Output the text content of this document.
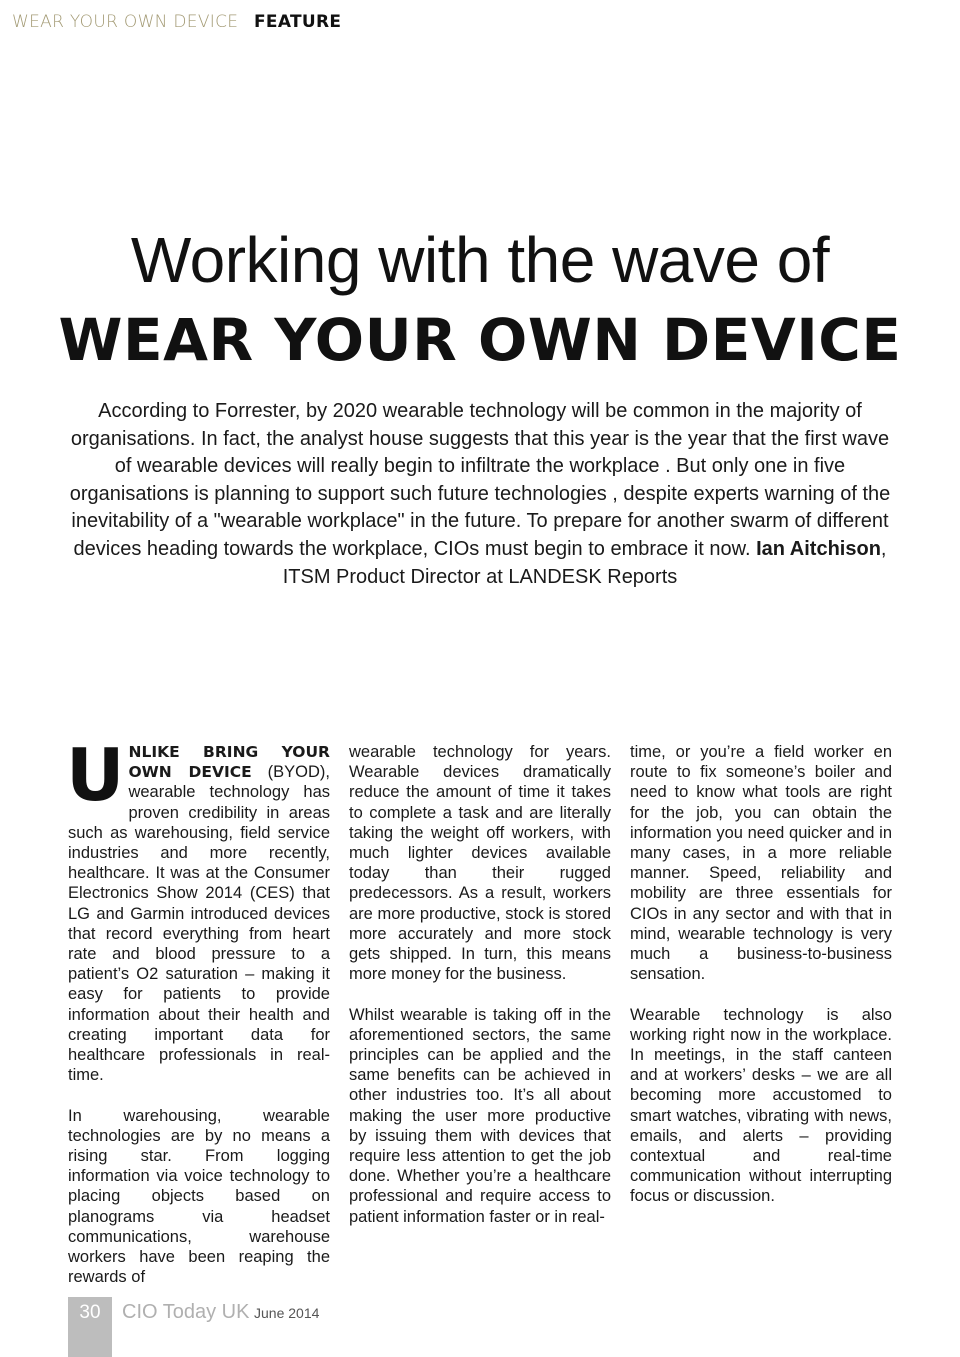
WEAR YOUR OWN DEVICE FEATURE
Working with the wave of
WEAR YOUR OWN DEVICE
According to Forrester, by 2020 wearable technology will be common in the majority of organisations. In fact, the analyst house suggests that this year is the year that the first wave of wearable devices will really begin to infiltrate the workplace . But only one in five organisations is planning to support such future technologies , despite experts warning of the inevitability of a "wearable workplace" in the future. To prepare for another swarm of different devices heading towards the workplace, CIOs must begin to embrace it now. Ian Aitchison, ITSM Product Director at LANDESK Reports

UNLIKE BRING YOUR OWN DEVICE (BYOD), wearable technology has proven credibility in areas such as warehousing, field service industries and more recently, healthcare. It was at the Consumer Electronics Show 2014 (CES) that LG and Garmin introduced devices that record everything from heart rate and blood pressure to a patient’s O2 saturation – making it easy for patients to provide information about their health and creating important data for healthcare professionals in real-time.

In warehousing, wearable technologies are by no means a rising star. From logging information via voice technology to placing objects based on planograms via headset communications, warehouse workers have been reaping the rewards of

wearable technology for years. Wearable devices dramatically reduce the amount of time it takes to complete a task and are literally taking the weight off workers, with much lighter devices available today than their rugged predecessors. As a result, workers are more productive, stock is stored more accurately and more stock gets shipped. In turn, this means more money for the business.

Whilst wearable is taking off in the aforementioned sectors, the same principles can be applied and the same benefits can be achieved in other industries too. It’s all about making the user more productive by issuing them with devices that require less attention to get the job done. Whether you’re a healthcare professional and require access to patient information faster or in real-

time, or you’re a field worker en route to fix someone’s boiler and need to know what tools are right for the job, you can obtain the information you need quicker and in many cases, in a more reliable manner. Speed, reliability and mobility are three essentials for CIOs in any sector and with that in mind, wearable technology is very much a business-to-business sensation.

Wearable technology is also working right now in the workplace. In meetings, in the staff canteen and at workers’ desks – we are all becoming more accustomed to smart watches, vibrating with news, emails, and alerts – providing contextual and real-time communication without interrupting focus or discussion.

30	CIO Today UK June 2014
